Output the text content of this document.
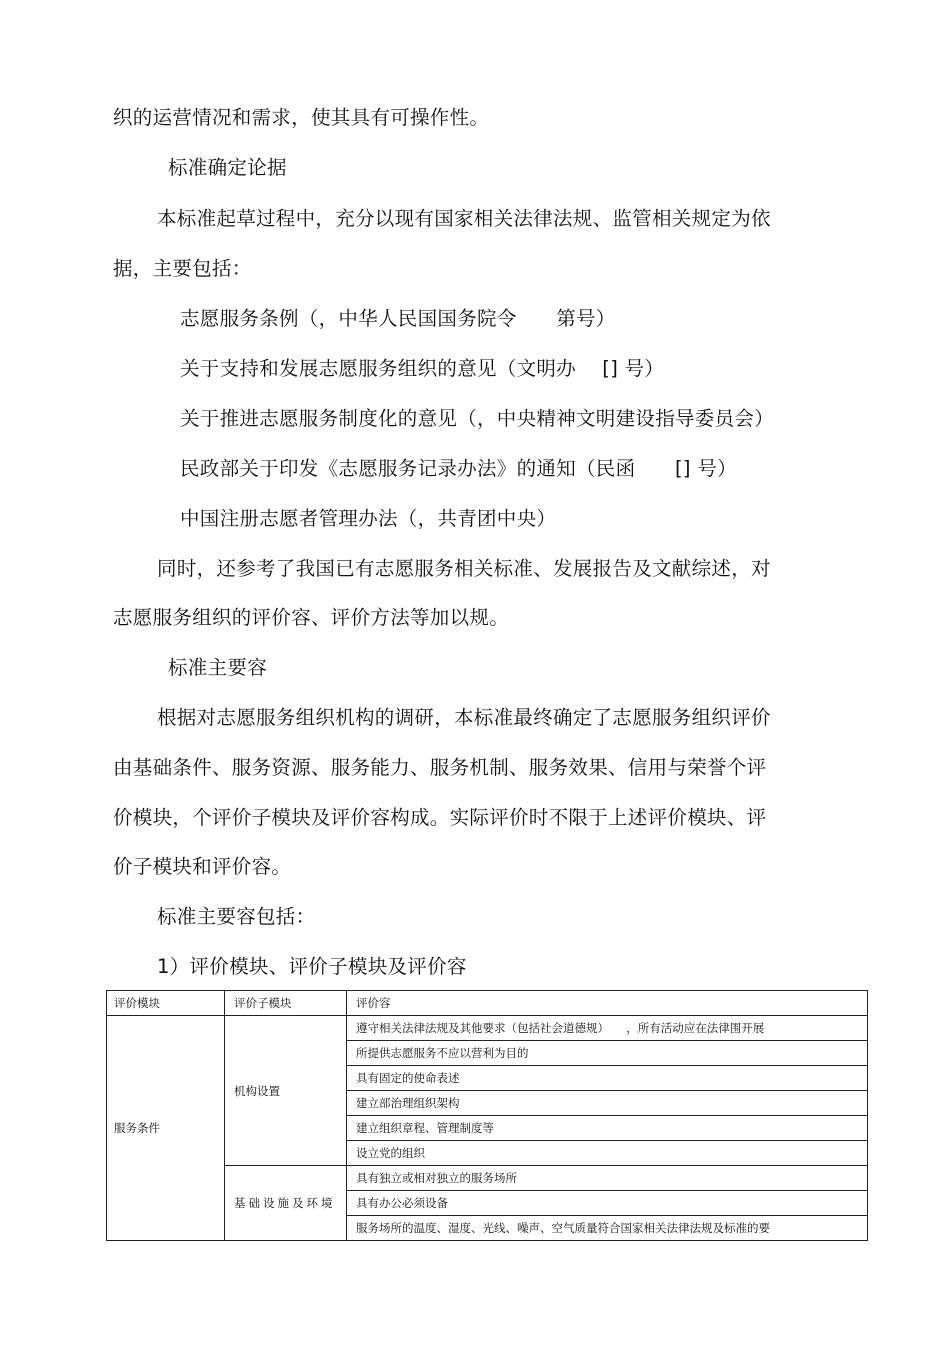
织的运营情况和需求，使其具有可操作性。
标准确定论据
本标准起草过程中，充分以现有国家相关法律法规、监管相关规定为依
据，主要包括：
志愿服务条例（，中华人民国国务院令　　第号）
关于支持和发展志愿服务组织的意见（文明办　 [] 号）
关于推进志愿服务制度化的意见（，中央精神文明建设指导委员会）
民政部关于印发《志愿服务记录办法》的通知（民函　　[] 号）
中国注册志愿者管理办法（，共青团中央）
同时，还参考了我国已有志愿服务相关标准、发展报告及文献综述，对
志愿服务组织的评价容、评价方法等加以规。
标准主要容
根据对志愿服务组织机构的调研，本标准最终确定了志愿服务组织评价
由基础条件、服务资源、服务能力、服务机制、服务效果、信用与荣誉个评
价模块，个评价子模块及评价容构成。实际评价时不限于上述评价模块、评
价子模块和评价容。
标准主要容包括：
1）评价模块、评价子模块及评价容
评价模块	评价子模块	评价容
服务条件	机构设置	遵守相关法律法规及其他要求（包括社会道德规）　　，所有活动应在法律围开展
		所提供志愿服务不应以营利为目的
		具有固定的使命表述
		建立部治理组织架构
		建立组织章程、管理制度等
		设立党的组织
	基础设施及环境	具有独立或相对独立的服务场所
		具有办公必须设备
		服务场所的温度、湿度、光线、噪声、空气质量符合国家相关法律法规及标准的要
